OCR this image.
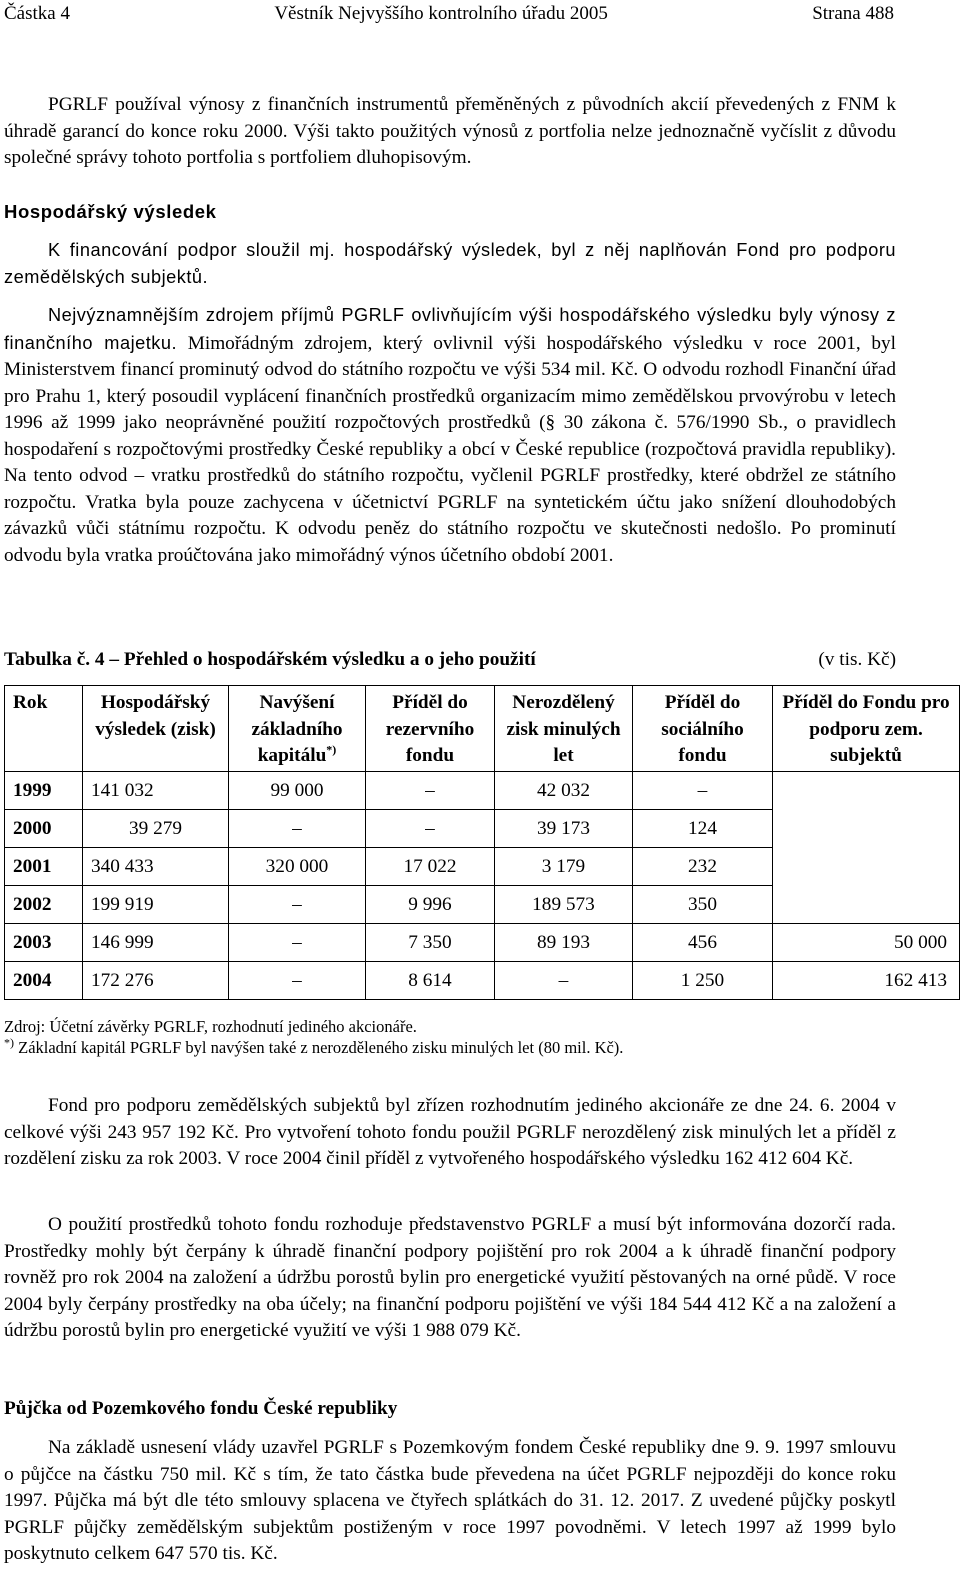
Částka 4	Věstník Nejvyššího kontrolního úřadu 2005	Strana 488

PGRLF používal výnosy z finančních instrumentů přeměněných z původních akcií převedených z FNM k úhradě garancí do konce roku 2000. Výši takto použitých výnosů z portfolia nelze jednoznačně vyčíslit z důvodu společné správy tohoto portfolia s portfoliem dluhopisovým.

Hospodářský výsledek

K financování podpor sloužil mj. hospodářský výsledek, byl z něj naplňován Fond pro podporu zemědělských subjektů.

Nejvýznamnějším zdrojem příjmů PGRLF ovlivňujícím výši hospodářského výsledku byly výnosy z finančního majetku. Mimořádným zdrojem, který ovlivnil výši hospodářského výsledku v roce 2001, byl Ministerstvem financí prominutý odvod do státního rozpočtu ve výši 534 mil. Kč. O odvodu rozhodl Finanční úřad pro Prahu 1, který posoudil vyplácení finančních prostředků organizacím mimo zemědělskou prvovýrobu v letech 1996 až 1999 jako neoprávněné použití rozpočtových prostředků (§ 30 zákona č. 576/1990 Sb., o pravidlech hospodaření s rozpočtovými prostředky České republiky a obcí v České republice (rozpočtová pravidla republiky). Na tento odvod – vratku prostředků do státního rozpočtu, vyčlenil PGRLF prostředky, které obdržel ze státního rozpočtu. Vratka byla pouze zachycena v účetnictví PGRLF na syntetickém účtu jako snížení dlouhodobých závazků vůči státnímu rozpočtu. K odvodu peněz do státního rozpočtu ve skutečnosti nedošlo. Po prominutí odvodu byla vratka proúčtována jako mimořádný výnos účetního období 2001.

Tabulka č. 4 – Přehled o hospodářském výsledku a o jeho použití	(v tis. Kč)
Rok	Hospodářský výsledek (zisk)	Navýšení základního kapitálu*)	Příděl do rezervního fondu	Nerozdělený zisk minulých let	Příděl do sociálního fondu	Příděl do Fondu pro podporu zem. subjektů
1999	141 032	99 000	–	42 032	–	
2000	39 279	–	–	39 173	124	
2001	340 433	320 000	17 022	3 179	232	
2002	199 919	–	9 996	189 573	350	
2003	146 999	–	7 350	89 193	456	50 000
2004	172 276	–	8 614	–	1 250	162 413

Zdroj: Účetní závěrky PGRLF, rozhodnutí jediného akcionáře.

*) Základní kapitál PGRLF byl navýšen také z nerozděleného zisku minulých let (80 mil. Kč).

Fond pro podporu zemědělských subjektů byl zřízen rozhodnutím jediného akcionáře ze dne 24. 6. 2004 v celkové výši 243 957 192 Kč. Pro vytvoření tohoto fondu použil PGRLF nerozdělený zisk minulých let a příděl z rozdělení zisku za rok 2003. V roce 2004 činil příděl z vytvořeného hospodářského výsledku 162 412 604 Kč.

O použití prostředků tohoto fondu rozhoduje představenstvo PGRLF a musí být informována dozorčí rada. Prostředky mohly být čerpány k úhradě finanční podpory pojištění pro rok 2004 a k úhradě finanční podpory rovněž pro rok 2004 na založení a údržbu porostů bylin pro energetické využití pěstovaných na orné půdě. V roce 2004 byly čerpány prostředky na oba účely; na finanční podporu pojištění ve výši 184 544 412 Kč a na založení a údržbu porostů bylin pro energetické využití ve výši 1 988 079 Kč.

Půjčka od Pozemkového fondu České republiky

Na základě usnesení vlády uzavřel PGRLF s Pozemkovým fondem České republiky dne 9. 9. 1997 smlouvu o půjčce na částku 750 mil. Kč s tím, že tato částka bude převedena na účet PGRLF nejpozději do konce roku 1997. Půjčka má být dle této smlouvy splacena ve čtyřech splátkách do 31. 12. 2017. Z uvedené půjčky poskytl PGRLF půjčky zemědělským subjektům postiženým v roce 1997 povodněmi. V letech 1997 až 1999 bylo poskytnuto celkem 647 570 tis. Kč.
